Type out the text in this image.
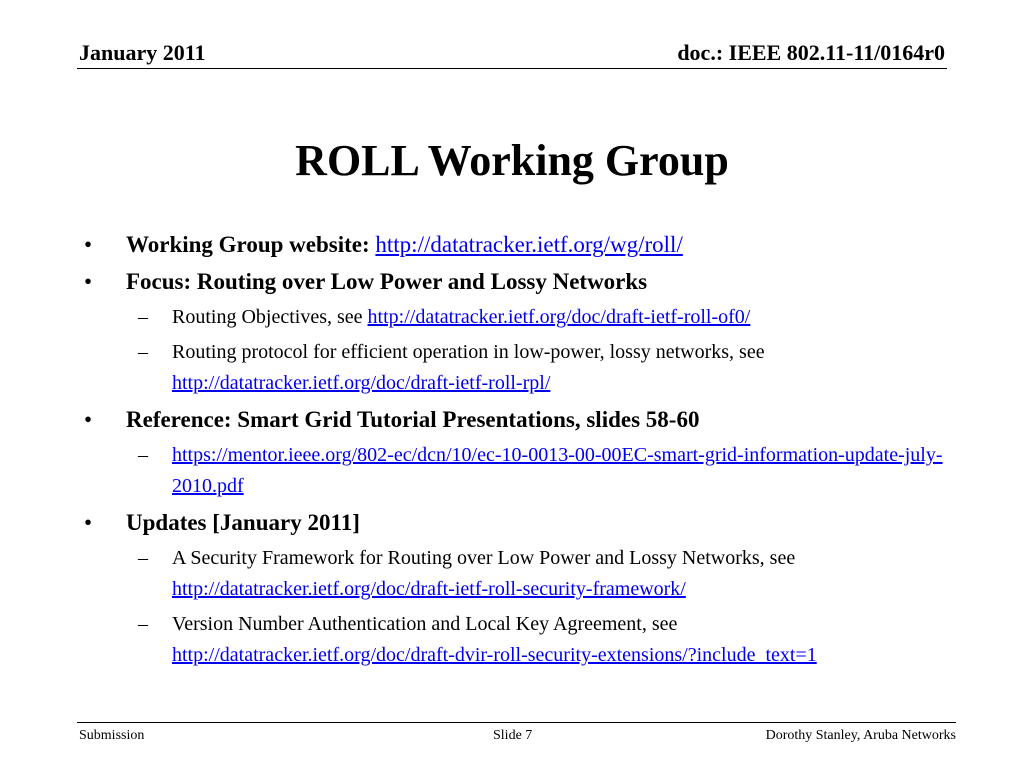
January 2011	doc.: IEEE 802.11-11/0164r0
ROLL Working Group
•	Working Group website: http://datatracker.ietf.org/wg/roll/
•	Focus: Routing over Low Power and Lossy Networks
– Routing Objectives, see http://datatracker.ietf.org/doc/draft-ietf-roll-of0/
– Routing protocol for efficient operation in low-power, lossy networks, see http://datatracker.ietf.org/doc/draft-ietf-roll-rpl/
•	Reference: Smart Grid Tutorial Presentations, slides 58-60
– https://mentor.ieee.org/802-ec/dcn/10/ec-10-0013-00-00EC-smart-grid-information-update-july-2010.pdf
•	Updates [January 2011]
– A Security Framework for Routing over Low Power and Lossy Networks, see http://datatracker.ietf.org/doc/draft-ietf-roll-security-framework/
– Version Number Authentication and Local Key Agreement, see http://datatracker.ietf.org/doc/draft-dvir-roll-security-extensions/?include_text=1
Submission	Slide 7	Dorothy Stanley, Aruba Networks
